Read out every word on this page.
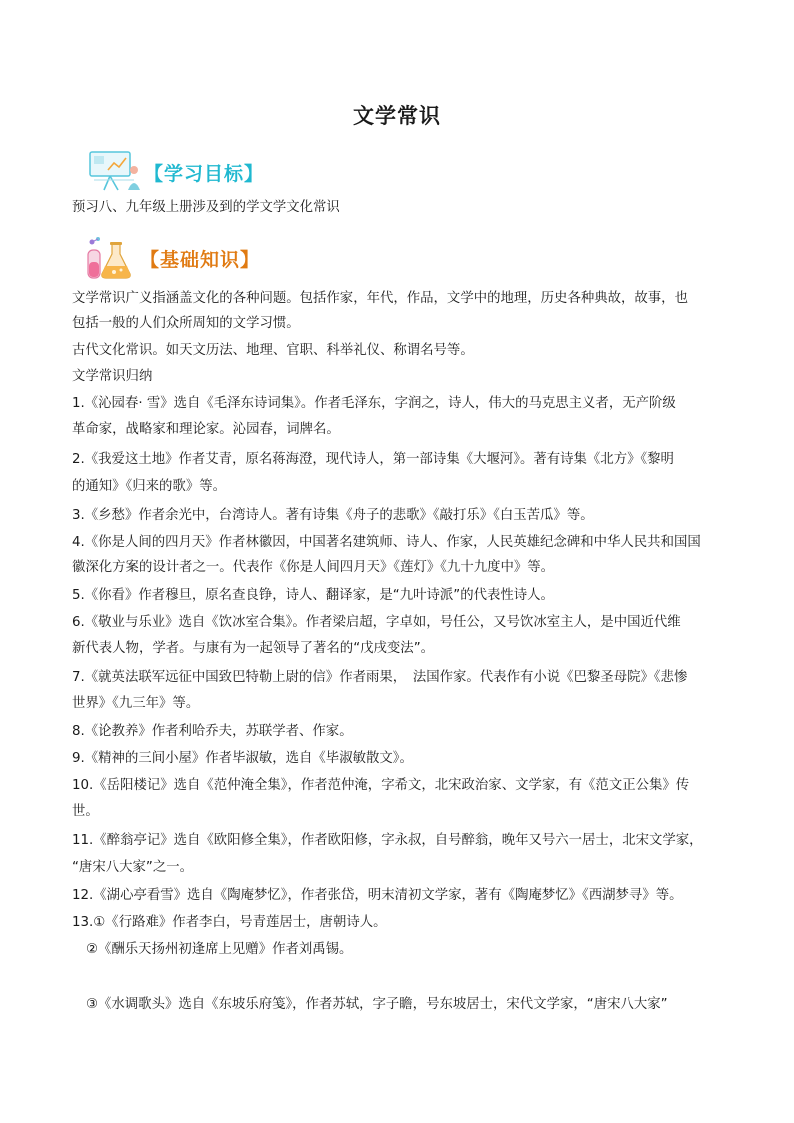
文学常识
【学习目标】
预习八、九年级上册涉及到的学文学文化常识
【基础知识】
文学常识广义指涵盖文化的各种问题。包括作家，年代，作品，文学中的地理，历史各种典故，故事，也
包括一般的人们众所周知的文学习惯。
古代文化常识。如天文历法、地理、官职、科举礼仪、称谓名号等。
文学常识归纳
1.《沁园春· 雪》选自《毛泽东诗词集》。作者毛泽东，字润之，诗人，伟大的马克思主义者，无产阶级
革命家，战略家和理论家。沁园春，词牌名。
2.《我爱这土地》作者艾青，原名蒋海澄，现代诗人，第一部诗集《大堰河》。著有诗集《北方》《黎明
的通知》《归来的歌》等。
3.《乡愁》作者余光中，台湾诗人。著有诗集《舟子的悲歌》《敲打乐》《白玉苦瓜》等。
4.《你是人间的四月天》作者林徽因，中国著名建筑师、诗人、作家，人民英雄纪念碑和中华人民共和国国
徽深化方案的设计者之一。代表作《你是人间四月天》《莲灯》《九十九度中》等。
5.《你看》作者穆旦，原名查良铮，诗人、翻译家，是“九叶诗派”的代表性诗人。
6.《敬业与乐业》选自《饮冰室合集》。作者梁启超，字卓如，号任公，又号饮冰室主人，是中国近代维
新代表人物，学者。与康有为一起领导了著名的“戊戌变法”。
7.《就英法联军远征中国致巴特勒上尉的信》作者雨果，　法国作家。代表作有小说《巴黎圣母院》《悲惨
世界》《九三年》等。
8.《论教养》作者利哈乔夫，苏联学者、作家。
9.《精神的三间小屋》作者毕淑敏，选自《毕淑敏散文》。
10.《岳阳楼记》选自《范仲淹全集》，作者范仲淹，字希文，北宋政治家、文学家，有《范文正公集》传
世。
11.《醉翁亭记》选自《欧阳修全集》，作者欧阳修，字永叔，自号醉翁，晚年又号六一居士，北宋文学家，
“唐宋八大家”之一。
12.《湖心亭看雪》选自《陶庵梦忆》，作者张岱，明末清初文学家，著有《陶庵梦忆》《西湖梦寻》等。
13.①《行路难》作者李白，号青莲居士，唐朝诗人。
②《酬乐天扬州初逢席上见赠》作者刘禹锡。
③《水调歌头》选自《东坡乐府笺》，作者苏轼，字子瞻，号东坡居士，宋代文学家，“唐宋八大家”
